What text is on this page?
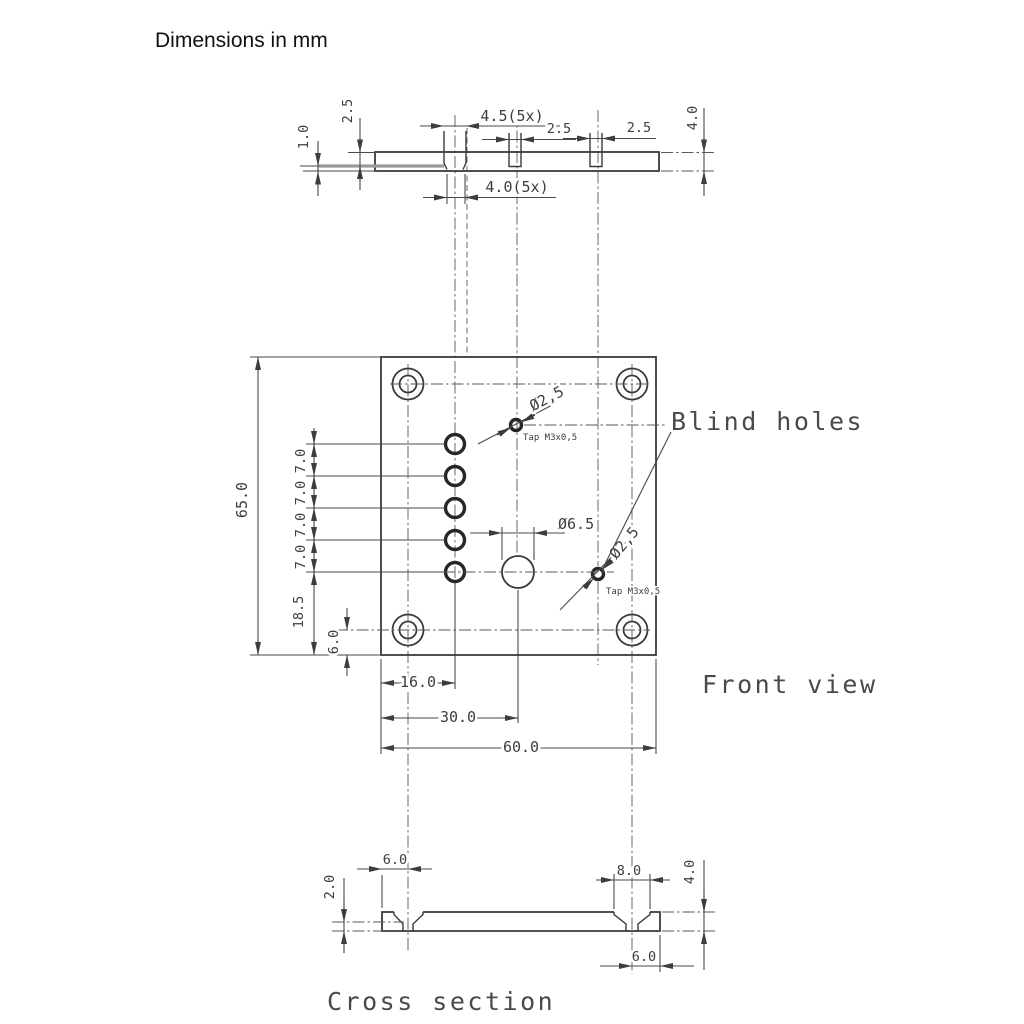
1.0
2.5	4.5(5x)
2.5	2.5	4.0
4.0(5x)
65.0
7.0
7.0
7.0
7.0
18.5
6.0
16.0
30.0
60.0
Ø6.5
Ø2,5
Tap M3x0,5
Ø2,5
Tap M3x0,5
Blind holes
Front view
2.0
6.0
8.0	4.0
6.0
Cross section
Dimensions in mm
